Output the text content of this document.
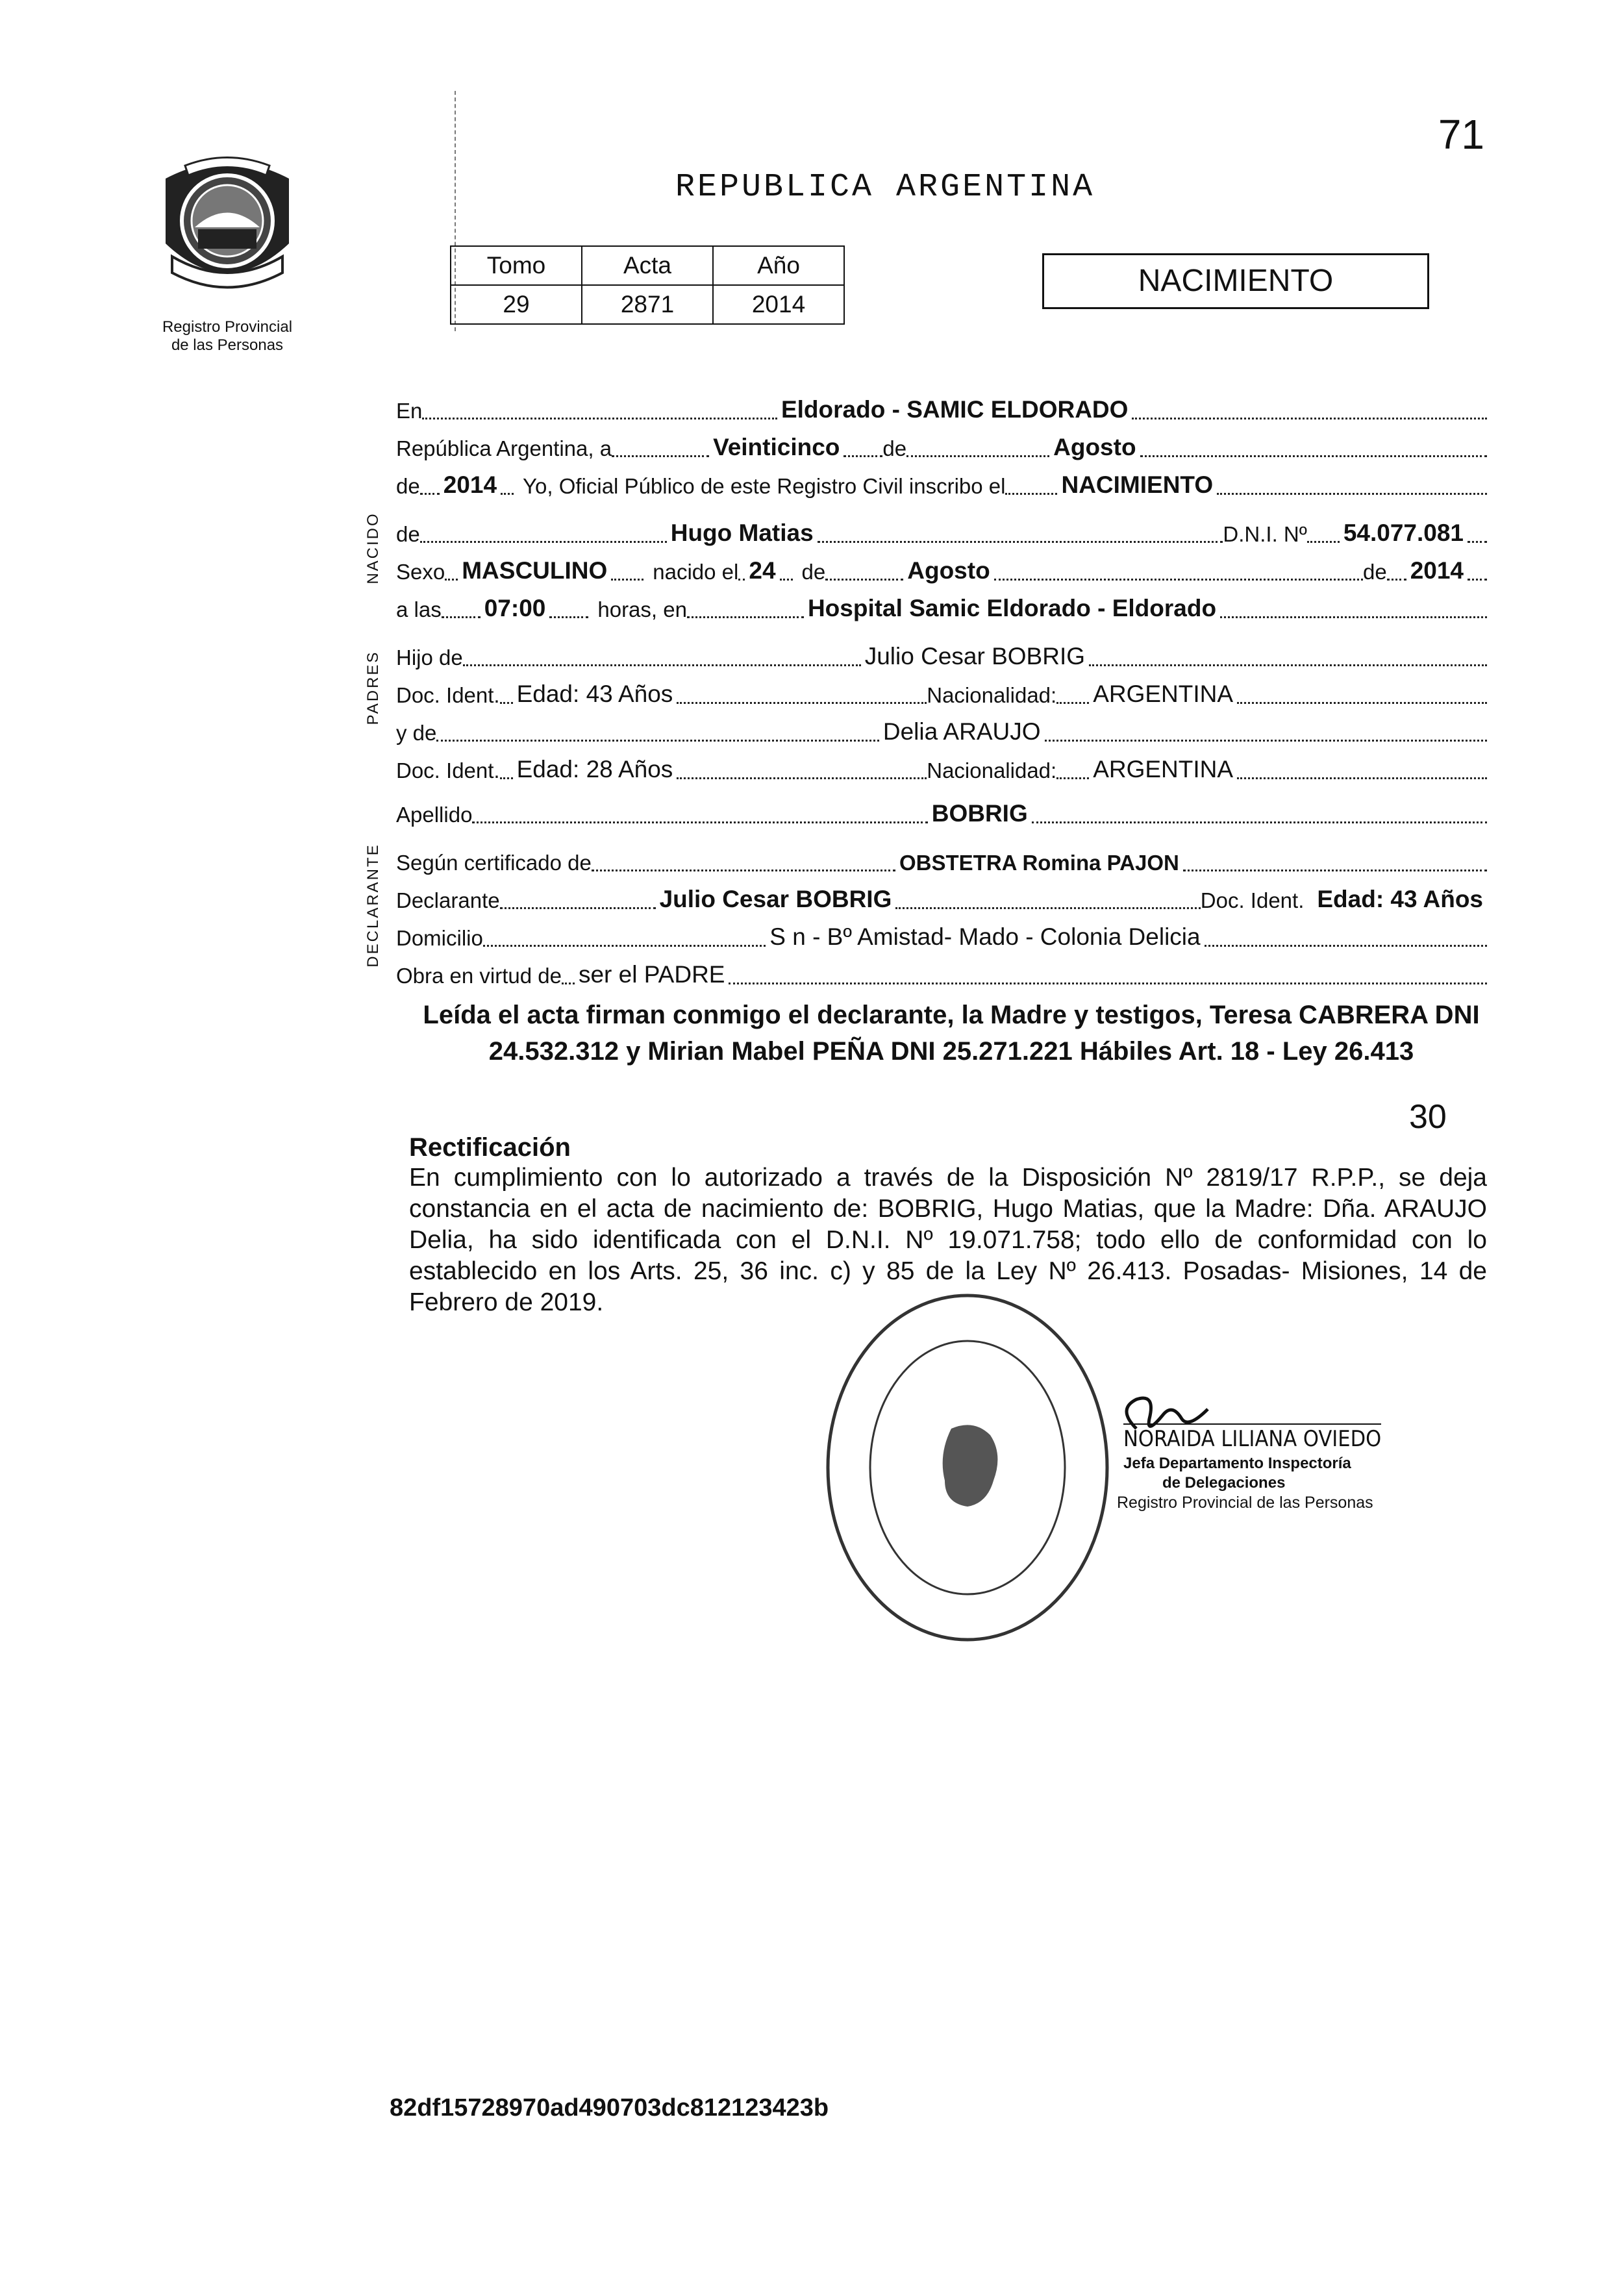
71
Registro Provincial
de las Personas
REPUBLICA ARGENTINA
Tomo	Acta	Año
29	2871	2014
NACIMIENTO
NACIDO
PADRES
DECLARANTE
En	Eldorado - SAMIC ELDORADO
República Argentina, a	Veinticinco de	Agosto
de 2014 Yo, Oficial Público de este Registro Civil inscribo el NACIMIENTO
de	Hugo Matias	D.N.I. Nº 54.077.081
Sexo MASCULINO nacido el 24 de	Agosto	de 2014
a las 07:00 horas, en	Hospital Samic Eldorado - Eldorado
Hijo de	Julio Cesar BOBRIG
Doc. Ident. Edad: 43 Años	Nacionalidad: ARGENTINA
y de	Delia ARAUJO
Doc. Ident. Edad: 28 Años	Nacionalidad: ARGENTINA
Apellido	BOBRIG
Según certificado de	OBSTETRA Romina PAJON
Declarante	Julio Cesar BOBRIG	Doc. Ident. Edad: 43 Años
Domicilio	S n - Bº Amistad- Mado - Colonia Delicia
Obra en virtud de ser el PADRE
Leída el acta firman conmigo el declarante, la Madre y testigos, Teresa CABRERA DNI 24.532.312 y Mirian Mabel PEÑA DNI 25.271.221 Hábiles Art. 18 - Ley 26.413
30
Rectificación
En cumplimiento con lo autorizado a través de la Disposición Nº 2819/17 R.P.P., se deja constancia en el acta de nacimiento de: BOBRIG, Hugo Matias, que la Madre: Dña. ARAUJO Delia, ha sido identificada con el D.N.I. Nº 19.071.758; todo ello de conformidad con lo establecido en los Arts. 25, 36 inc. c) y 85 de la Ley Nº 26.413. Posadas- Misiones, 14 de Febrero de 2019.
NORAIDA LILIANA OVIEDO
Jefa Departamento Inspectoría
de Delegaciones
Registro Provincial de las Personas
82df15728970ad490703dc812123423b
